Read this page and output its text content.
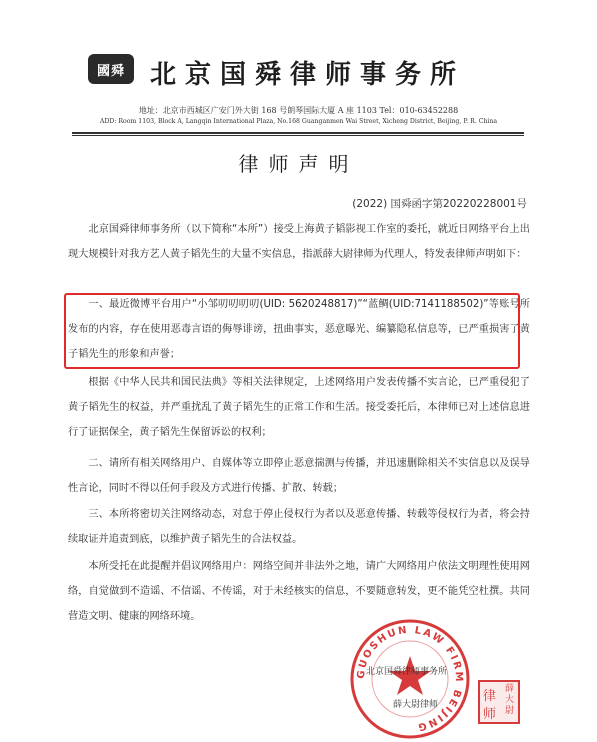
國舜 北京国舜律师事务所
地址：北京市西城区广安门外大街 168 号朗琴国际大厦 A 座 1103 Tel：010-63452288
ADD: Room 1103, Block A, Langqin International Plaza, No.168 Guanganmen Wai Street, Xicheng District, Beijing, P. R. China
律师声明
(2022) 国舜函字第20220228001号

北京国舜律师事务所（以下简称“本所”）接受上海黄子韬影视工作室的委托，就近日网络平台上出现大规模针对我方艺人黄子韬先生的大量不实信息，指派薛大尉律师为代理人，特发表律师声明如下：

一、最近微博平台用户“小邹叨叨叨叨(UID: 5620248817)”“蓝鲷(UID:7141188502)”等账号所发布的内容，存在使用恶毒言语的侮辱诽谤，扭曲事实，恶意曝光、编纂隐私信息等，已严重损害了黄子韬先生的形象和声誉；

根据《中华人民共和国民法典》等相关法律规定，上述网络用户发表传播不实言论，已严重侵犯了黄子韬先生的权益，并严重扰乱了黄子韬先生的正常工作和生活。接受委托后，本律师已对上述信息进行了证据保全，黄子韬先生保留诉讼的权利；

二、请所有相关网络用户、自媒体等立即停止恶意揣测与传播，并迅速删除相关不实信息以及误导性言论，同时不得以任何手段及方式进行传播、扩散、转载；

三、本所将密切关注网络动态，对怠于停止侵权行为者以及恶意传播、转载等侵权行为者，将会持续取证并追责到底，以维护黄子韬先生的合法权益。

本所受托在此提醒并倡议网络用户：网络空间并非法外之地，请广大网络用户依法文明理性使用网络，自觉做到不造谣、不信谣、不传谣，对于未经核实的信息，不要随意转发，更不能凭空杜撰。共同营造文明、健康的网络环境。

GUOSHUN LAW FIRM BEIJING
北京国舜律师事务所
薛大尉律师
律
师
薛大尉
